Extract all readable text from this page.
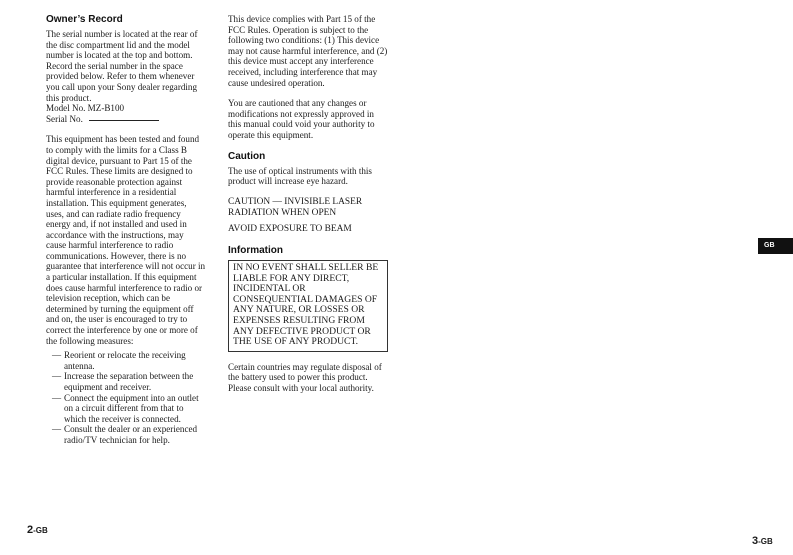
Owner’s Record

The serial number is located at the rear of the disc compartment lid and the model number is located at the top and bottom. Record the serial number in the space provided below. Refer to them whenever you call upon your Sony dealer regarding this product.

Model No. MZ-B100

Serial No.

This equipment has been tested and found to comply with the limits for a Class B digital device, pursuant to Part 15 of the FCC Rules. These limits are designed to provide reasonable protection against harmful interference in a residential installation. This equipment generates, uses, and can radiate radio frequency energy and, if not installed and used in accordance with the instructions, may cause harmful interference to radio communications. However, there is no guarantee that interference will not occur in a particular installation. If this equipment does cause harmful interference to radio or television reception, which can be determined by turning the equipment off and on, the user is encouraged to try to correct the interference by one or more of the following measures:

— Reorient or relocate the receiving antenna.
— Increase the separation between the equipment and receiver.
— Connect the equipment into an outlet on a circuit different from that to which the receiver is connected.
— Consult the dealer or an experienced radio/TV technician for help.

This device complies with Part 15 of the FCC Rules. Operation is subject to the following two conditions: (1) This device may not cause harmful interference, and (2) this device must accept any interference received, including interference that may cause undesired operation.

You are cautioned that any changes or modifications not expressly approved in this manual could void your authority to operate this equipment.

Caution

The use of optical instruments with this product will increase eye hazard.

CAUTION — INVISIBLE LASER RADIATION WHEN OPEN

AVOID EXPOSURE TO BEAM

Information
IN NO EVENT SHALL SELLER BE LIABLE FOR ANY DIRECT, INCIDENTAL OR CONSEQUENTIAL DAMAGES OF ANY NATURE, OR LOSSES OR EXPENSES RESULTING FROM ANY DEFECTIVE PRODUCT OR THE USE OF ANY PRODUCT.

Certain countries may regulate disposal of the battery used to power this product. Please consult with your local authority.

GB
2-GB
3-GB
